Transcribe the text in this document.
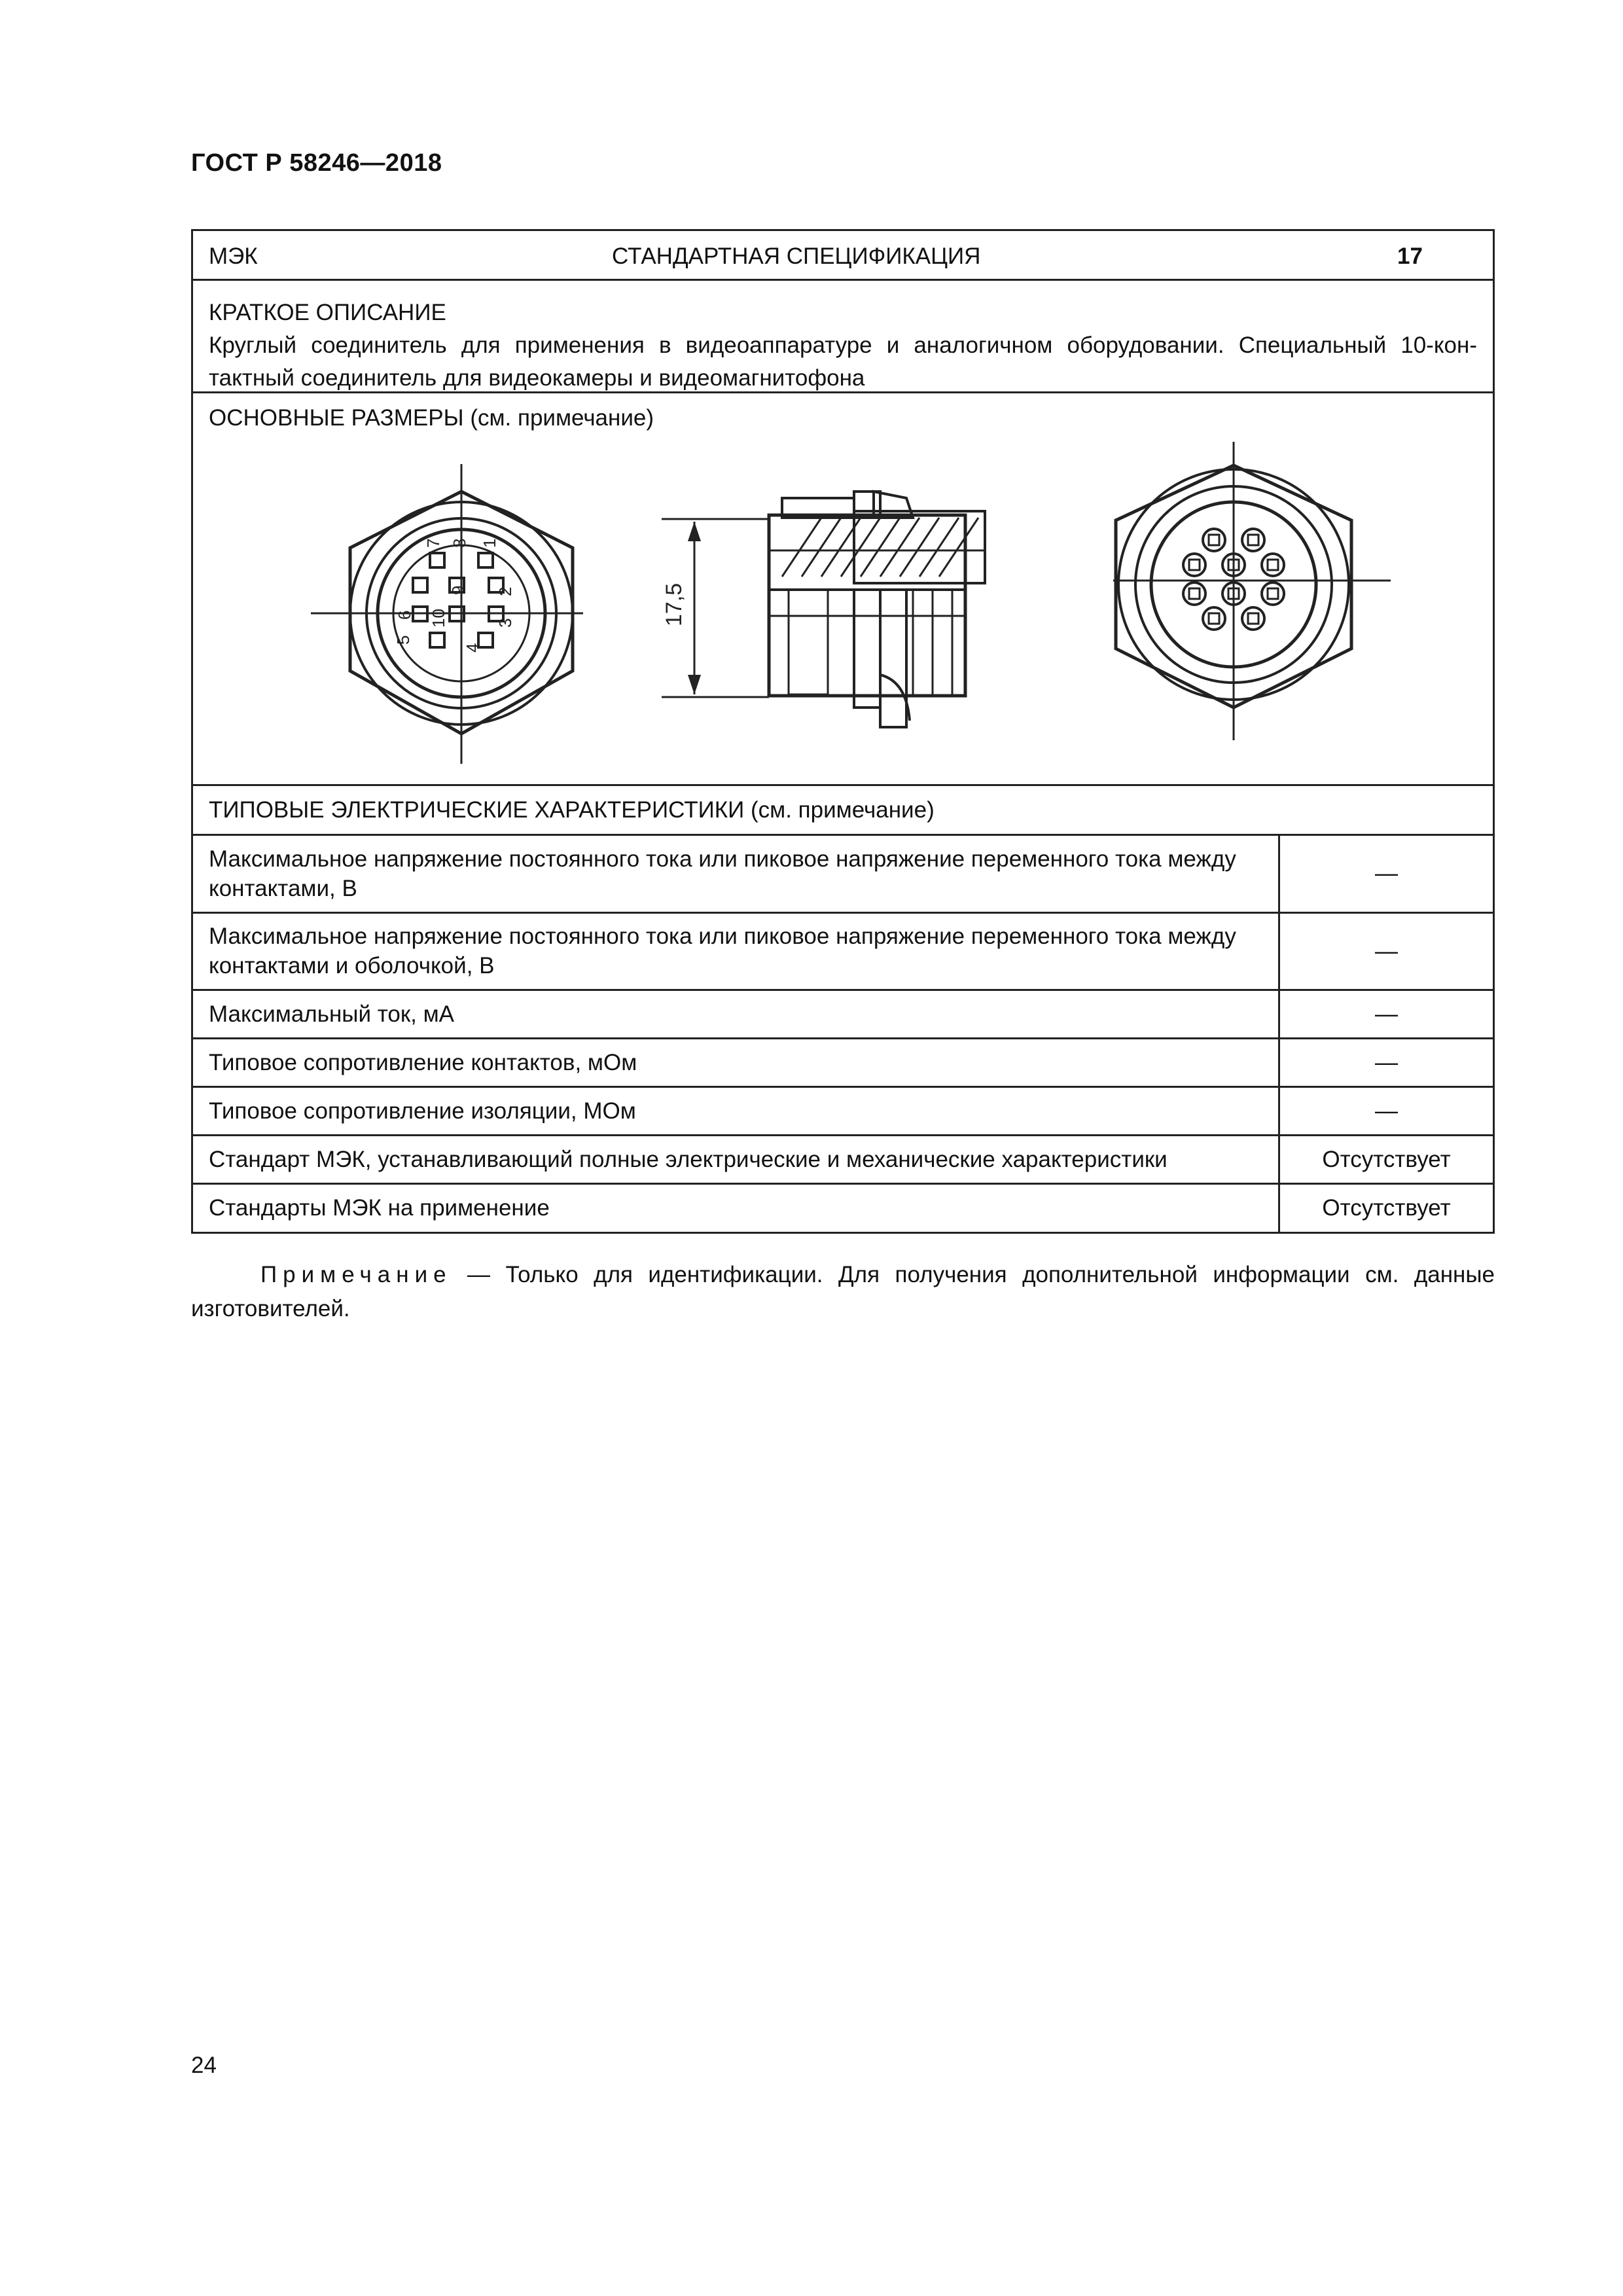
ГОСТ Р 58246—2018
МЭК	СТАНДАРТНАЯ СПЕЦИФИКАЦИЯ	17
КРАТКОЕ ОПИСАНИЕ
Круглый соединитель для применения в видеоаппаратуре и аналогичном оборудовании. Специальный 10-кон-тактный соединитель для видеокамеры и видеомагнитофона
ОСНОВНЫЕ РАЗМЕРЫ (см. примечание)
7 8 1
9 2
10
6
5
3
4
17,5
ТИПОВЫЕ ЭЛЕКТРИЧЕСКИЕ ХАРАКТЕРИСТИКИ (см. примечание)
Максимальное напряжение постоянного тока или пиковое напряжение переменного тока между контактами, В	—
Максимальное напряжение постоянного тока или пиковое напряжение переменного тока между контактами и оболочкой, В	—
Максимальный ток, мА	—
Типовое сопротивление контактов, мОм	—
Типовое сопротивление изоляции, МОм	—
Стандарт МЭК, устанавливающий полные электрические и механические характеристики	Отсутствует
Стандарты МЭК на применение	Отсутствует
Примечание — Только для идентификации. Для получения дополнительной информации см. данные изготовителей.
24
